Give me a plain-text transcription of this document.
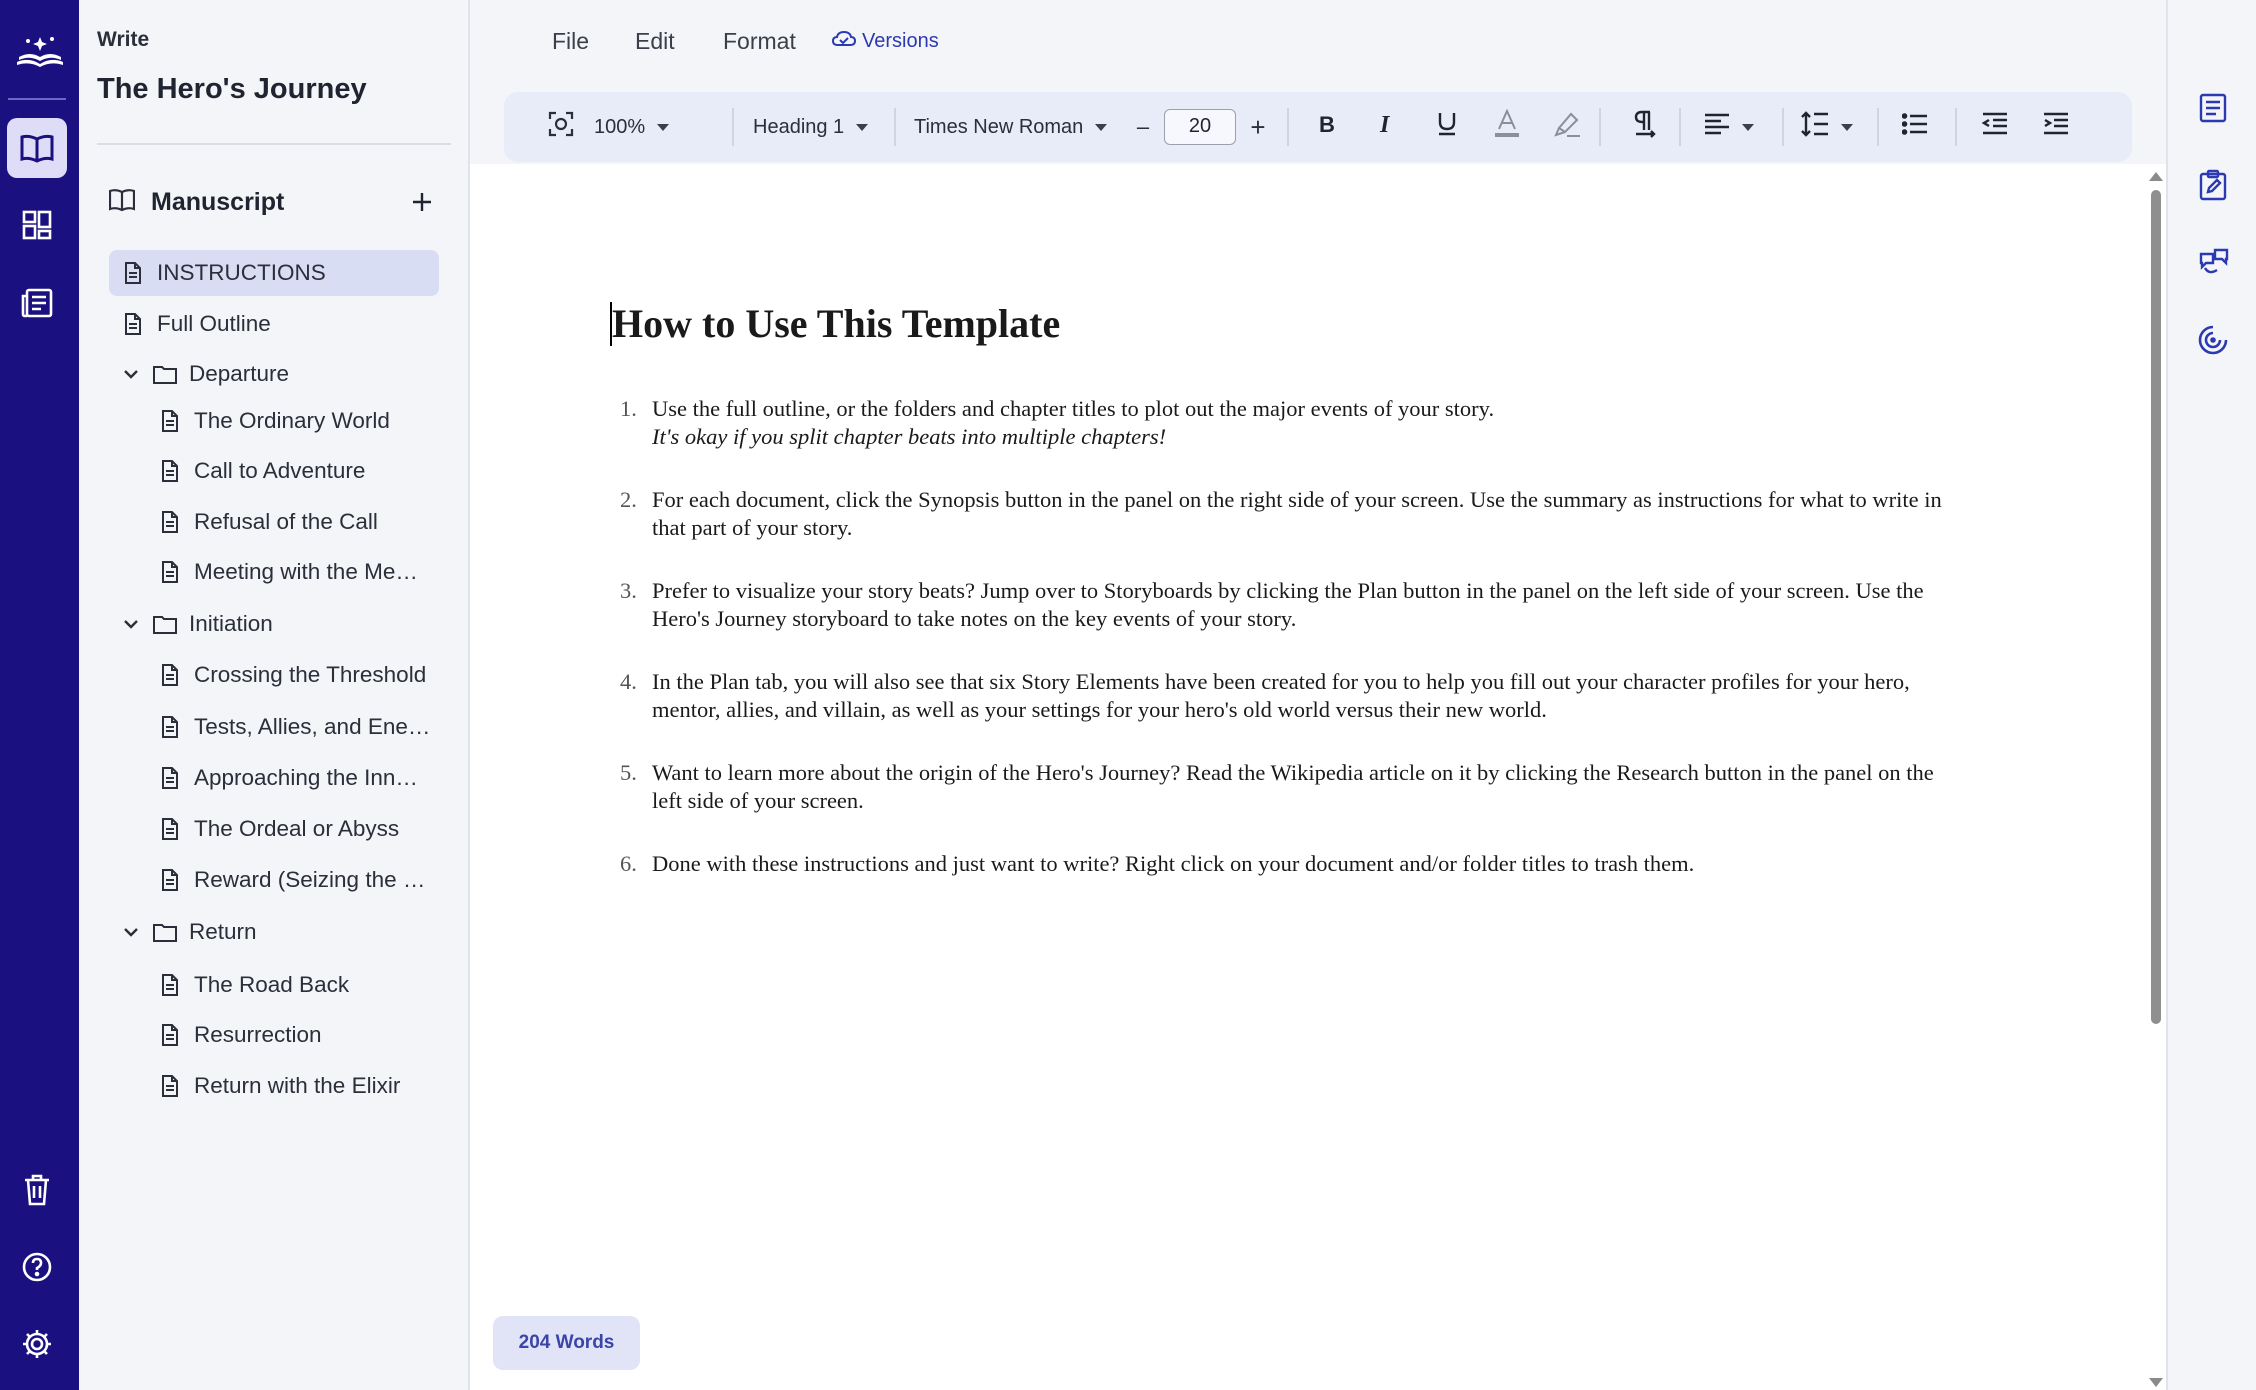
Write
The Hero's Journey
Manuscript
INSTRUCTIONS
Full Outline
Departure
The Ordinary World
Call to Adventure
Refusal of the Call
Meeting with the Me…
Initiation
Crossing the Threshold
Tests, Allies, and Ene…
Approaching the Inn…
The Ordeal or Abyss
Reward (Seizing the …
Return
The Road Back
Resurrection
Return with the Elixir
File Edit Format	Versions
100%	Heading 1	Times New Roman –	20	+ B I
How to Use This Template
1. Use the full outline, or the folders and chapter titles to plot out the major events of your story.
It's okay if you split chapter beats into multiple chapters!
2. For each document, click the Synopsis button in the panel on the right side of your screen. Use the summary as instructions for what to write in that part of your story.
3. Prefer to visualize your story beats? Jump over to Storyboards by clicking the Plan button in the panel on the left side of your screen. Use the Hero's Journey storyboard to take notes on the key events of your story.
4. In the Plan tab, you will also see that six Story Elements have been created for you to help you fill out your character profiles for your hero, mentor, allies, and villain, as well as your settings for your hero's old world versus their new world.
5. Want to learn more about the origin of the Hero's Journey? Read the Wikipedia article on it by clicking the Research button in the panel on the left side of your screen.
6. Done with these instructions and just want to write? Right click on your document and/or folder titles to trash them.
204 Words
